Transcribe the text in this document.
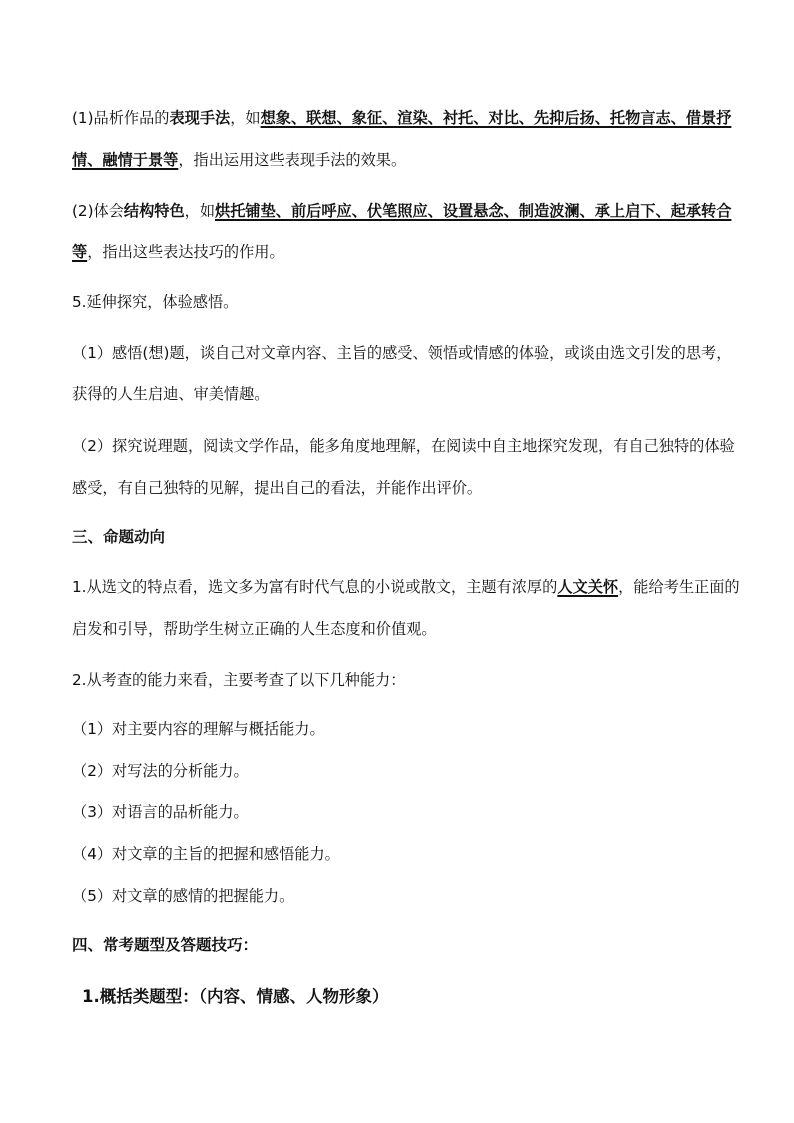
(1)品析作品的表现手法，如想象、联想、象征、渲染、衬托、对比、先抑后扬、托物言志、借景抒
情、融情于景等，指出运用这些表现手法的效果。
(2)体会结构特色，如烘托铺垫、前后呼应、伏笔照应、设置悬念、制造波澜、承上启下、起承转合
等，指出这些表达技巧的作用。
5.延伸探究，体验感悟。
（1）感悟(想)题，谈自己对文章内容、主旨的感受、领悟或情感的体验，或谈由选文引发的思考，
获得的人生启迪、审美情趣。
（2）探究说理题，阅读文学作品，能多角度地理解，在阅读中自主地探究发现，有自己独特的体验
感受，有自己独特的见解，提出自己的看法，并能作出评价。
三、命题动向
1.从选文的特点看，选文多为富有时代气息的小说或散文，主题有浓厚的人文关怀，能给考生正面的
启发和引导，帮助学生树立正确的人生态度和价值观。
2.从考查的能力来看，主要考查了以下几种能力：
（1）对主要内容的理解与概括能力。
（2）对写法的分析能力。
（3）对语言的品析能力。
（4）对文章的主旨的把握和感悟能力。
（5）对文章的感情的把握能力。
四、常考题型及答题技巧：
1.概括类题型：（内容、情感、人物形象）
